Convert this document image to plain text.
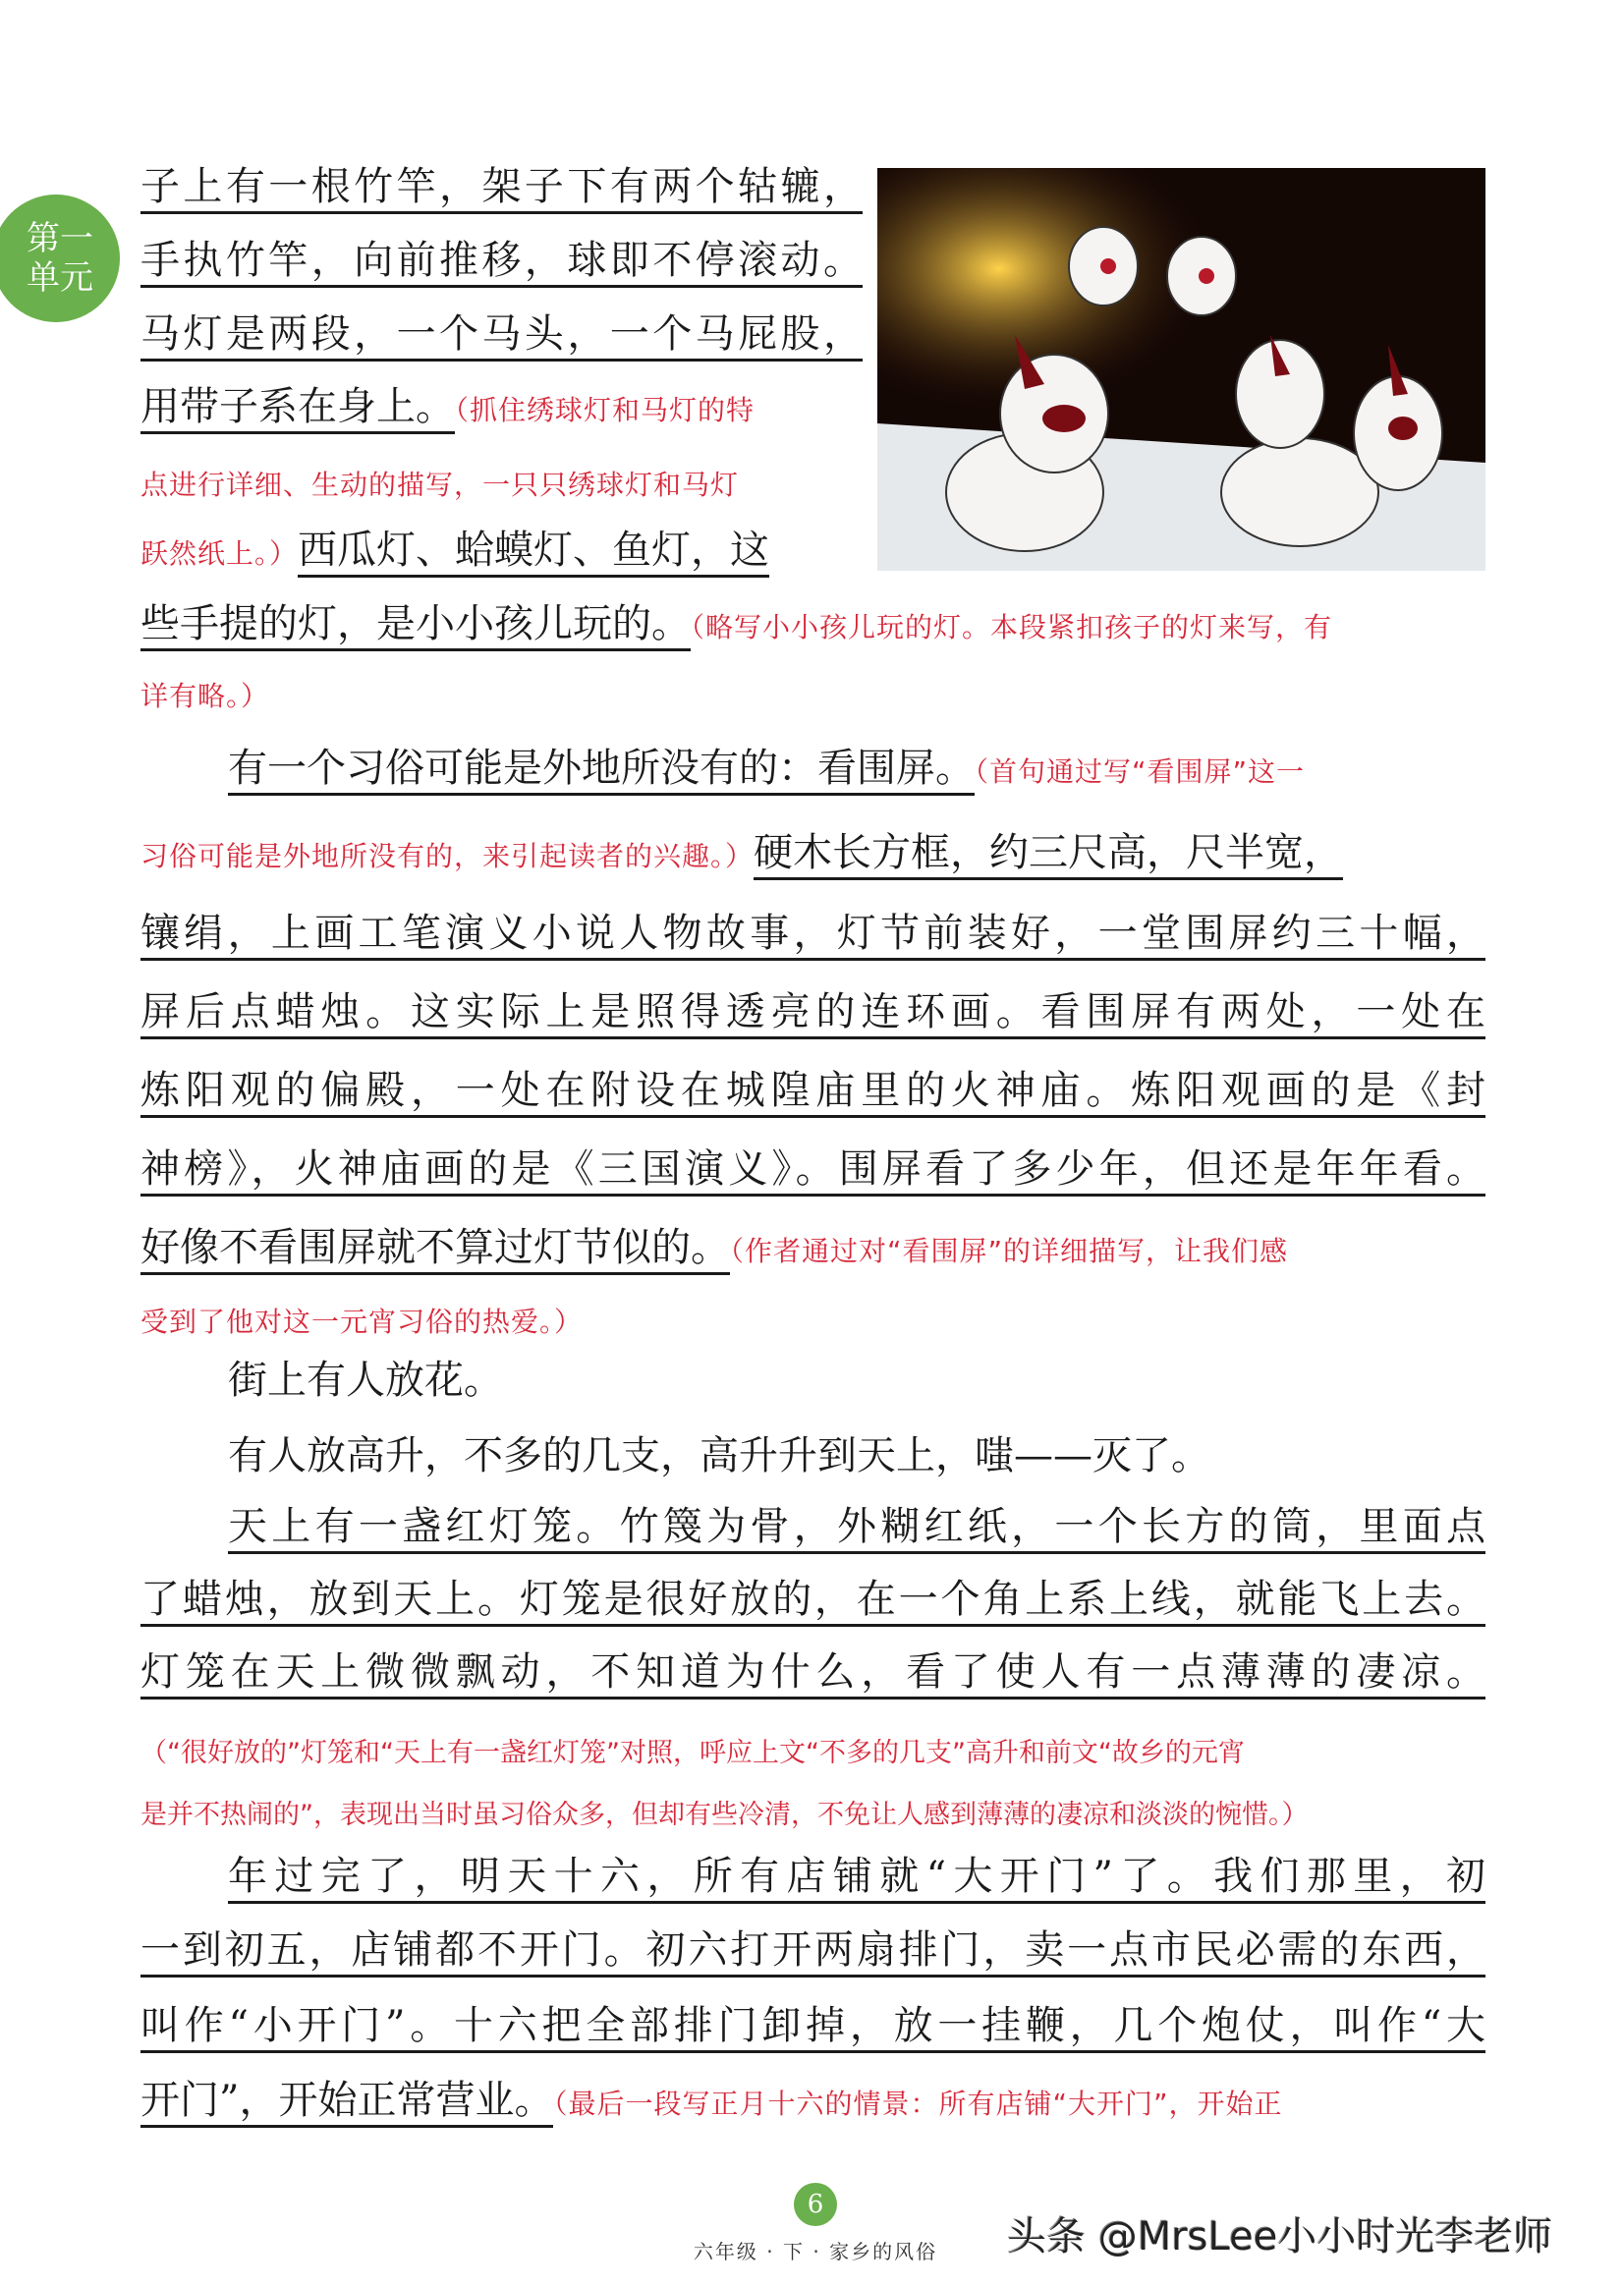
第一
单元
子上有一根竹竿，架子下有两个轱辘，
手执竹竿，向前推移，球即不停滚动。
马灯是两段，一个马头，一个马屁股，
用带子系在身上。（抓住绣球灯和马灯的特
点进行详细、生动的描写，一只只绣球灯和马灯
跃然纸上。）西瓜灯、蛤蟆灯、鱼灯，这
些手提的灯，是小小孩儿玩的。（略写小小孩儿玩的灯。本段紧扣孩子的灯来写，有
详有略。）
有一个习俗可能是外地所没有的：看围屏。（首句通过写“看围屏”这一
习俗可能是外地所没有的，来引起读者的兴趣。）硬木长方框，约三尺高，尺半宽，
镶绢，上画工笔演义小说人物故事，灯节前装好，一堂围屏约三十幅，
屏后点蜡烛。这实际上是照得透亮的连环画。看围屏有两处，一处在
炼阳观的偏殿，一处在附设在城隍庙里的火神庙。炼阳观画的是《封
神榜》，火神庙画的是《三国演义》。围屏看了多少年，但还是年年看。
好像不看围屏就不算过灯节似的。（作者通过对“看围屏”的详细描写，让我们感
受到了他对这一元宵习俗的热爱。）
街上有人放花。
有人放高升，不多的几支，高升升到天上，嗤——灭了。
天上有一盏红灯笼。竹篾为骨，外糊红纸，一个长方的筒，里面点
了蜡烛，放到天上。灯笼是很好放的，在一个角上系上线，就能飞上去。
灯笼在天上微微飘动，不知道为什么，看了使人有一点薄薄的凄凉。
（“很好放的”灯笼和“天上有一盏红灯笼”对照，呼应上文“不多的几支”高升和前文“故乡的元宵
是并不热闹的”，表现出当时虽习俗众多，但却有些冷清，不免让人感到薄薄的凄凉和淡淡的惋惜。）
年过完了，明天十六，所有店铺就“大开门”了。我们那里，初
一到初五，店铺都不开门。初六打开两扇排门，卖一点市民必需的东西，
叫作“小开门”。十六把全部排门卸掉，放一挂鞭，几个炮仗，叫作“大
开门”，开始正常营业。（最后一段写正月十六的情景：所有店铺“大开门”，开始正
6
六年级 · 下 · 家乡的风俗 头条 @MrsLee小小时光李老师
